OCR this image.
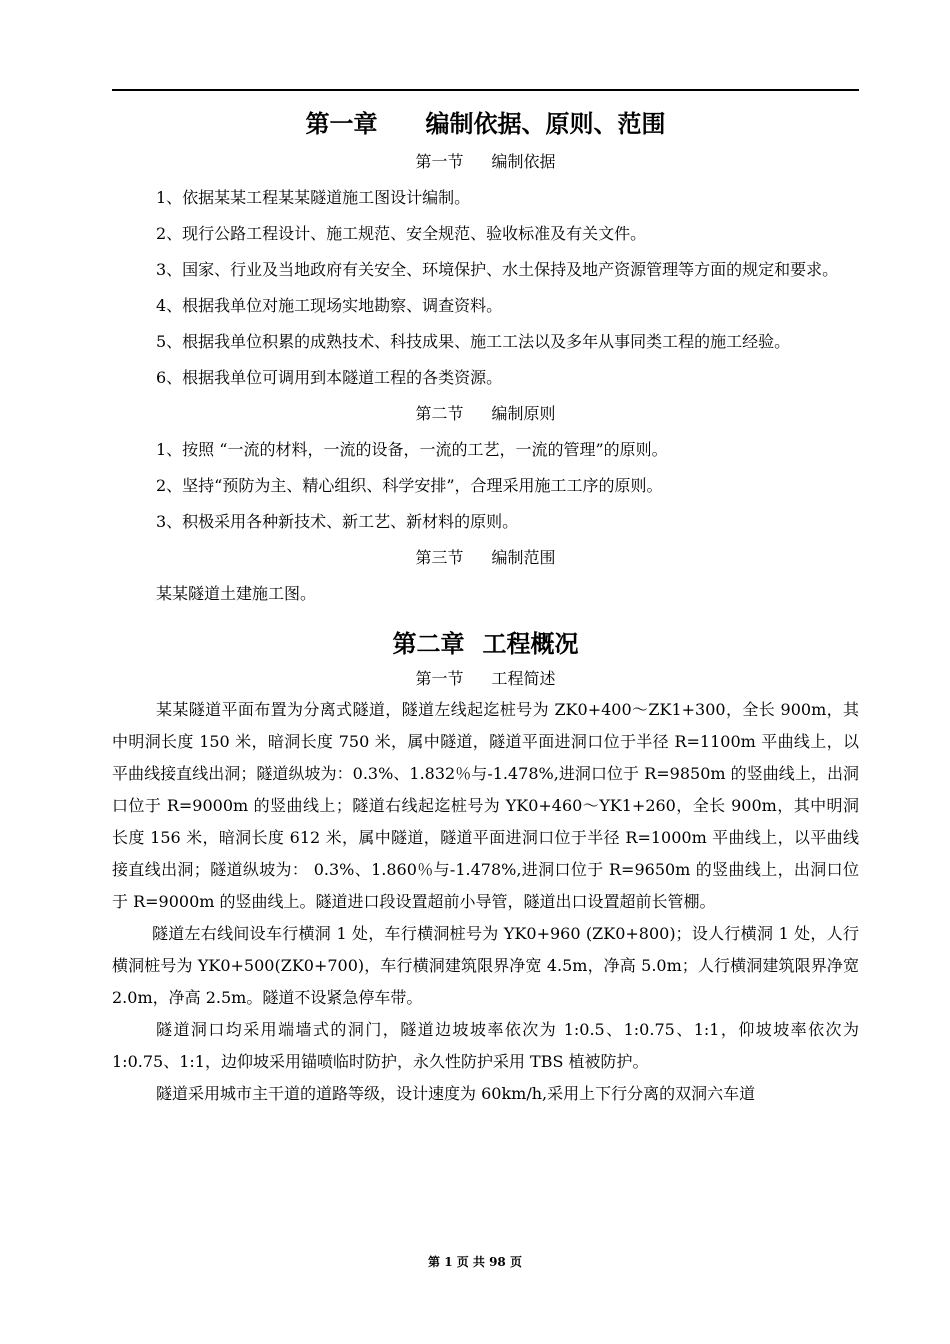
第一章 编制依据、原则、范围
第一节 编制依据

1、依据某某工程某某隧道施工图设计编制。

2、现行公路工程设计、施工规范、安全规范、验收标准及有关文件。

3、国家、行业及当地政府有关安全、环境保护、水土保持及地产资源管理等方面的规定和要求。

4、根据我单位对施工现场实地勘察、调查资料。

5、根据我单位积累的成熟技术、科技成果、施工工法以及多年从事同类工程的施工经验。

6、根据我单位可调用到本隧道工程的各类资源。

第二节 编制原则

1、按照 “一流的材料，一流的设备，一流的工艺，一流的管理”的原则。

2、坚持“预防为主、精心组织、科学安排”，合理采用施工工序的原则。

3、积极采用各种新技术、新工艺、新材料的原则。

第三节 编制范围

某某隧道土建施工图。

第二章 工程概况
第一节 工程简述

某某隧道平面布置为分离式隧道，隧道左线起迄桩号为 ZK0+400～ZK1+300，全长 900m，其中明洞长度 150 米，暗洞长度 750 米，属中隧道，隧道平面进洞口位于半径 R=1100m 平曲线上，以平曲线接直线出洞；隧道纵坡为：0.3%、1.832％与-1.478%,进洞口位于 R=9850m 的竖曲线上，出洞口位于 R=9000m 的竖曲线上；隧道右线起迄桩号为 YK0+460～YK1+260，全长 900m，其中明洞长度 156 米，暗洞长度 612 米，属中隧道，隧道平面进洞口位于半径 R=1000m 平曲线上，以平曲线接直线出洞；隧道纵坡为： 0.3%、1.860％与-1.478%,进洞口位于 R=9650m 的竖曲线上，出洞口位于 R=9000m 的竖曲线上。隧道进口段设置超前小导管，隧道出口设置超前长管棚。

隧道左右线间设车行横洞 1 处，车行横洞桩号为 YK0+960 (ZK0+800)；设人行横洞 1 处，人行横洞桩号为 YK0+500(ZK0+700)，车行横洞建筑限界净宽 4.5m，净高 5.0m；人行横洞建筑限界净宽 2.0m，净高 2.5m。隧道不设紧急停车带。

隧道洞口均采用端墙式的洞门，隧道边坡坡率依次为 1:0.5、1:0.75、1:1，仰坡坡率依次为 1:0.75、1:1，边仰坡采用锚喷临时防护，永久性防护采用 TBS 植被防护。

隧道采用城市主干道的道路等级，设计速度为 60km/h,采用上下行分离的双洞六车道

第 1 页 共 98 页
